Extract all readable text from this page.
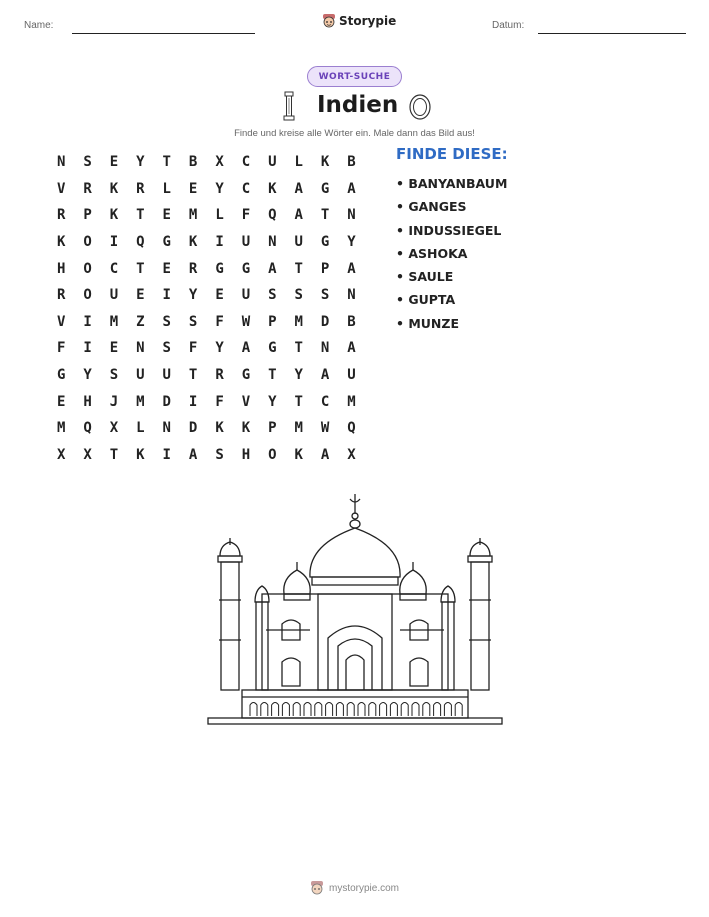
Name:	Storypie	Datum:
WORT-SUCHE
Indien
Finde und kreise alle Wörter ein. Male dann das Bild aus!
N	S	E	Y	T	B	X	C	U	L	K	B
V	R	K	R	L	E	Y	C	K	A	G	A
R	P	K	T	E	M	L	F	Q	A	T	N
K	O	I	Q	G	K	I	U	N	U	G	Y
H	O	C	T	E	R	G	G	A	T	P	A
R	O	U	E	I	Y	E	U	S	S	S	N
V	I	M	Z	S	S	F	W	P	M	D	B
F	I	E	N	S	F	Y	A	G	T	N	A
G	Y	S	U	U	T	R	G	T	Y	A	U
E	H	J	M	D	I	F	V	Y	T	C	M
M	Q	X	L	N	D	K	K	P	M	W	Q
X	X	T	K	I	A	S	H	O	K	A	X
FINDE DIESE:
• BANYANBAUM
• GANGES
• INDUSSIEGEL
• ASHOKA
• SAULE
• GUPTA
• MUNZE
mystorypie.com
